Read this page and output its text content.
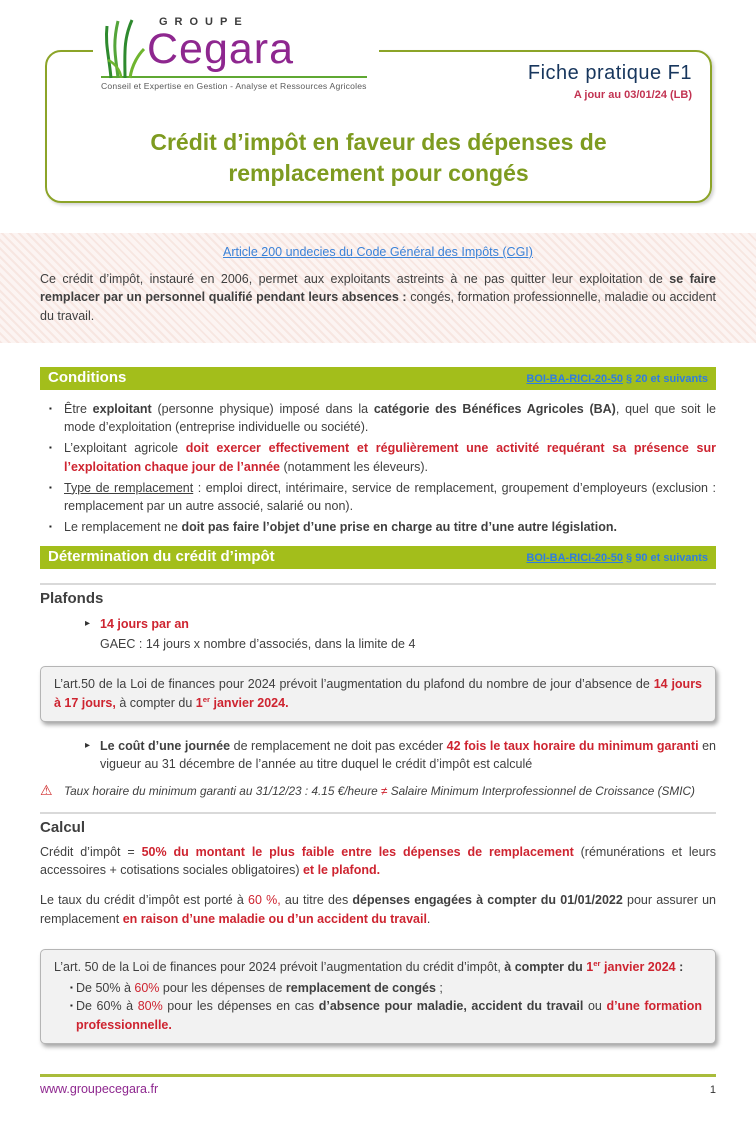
GROUPE
Cegara
Conseil et Expertise en Gestion - Analyse et Ressources Agricoles
Fiche pratique F1
A jour au 03/01/24 (LB)
Crédit d’impôt en faveur des dépenses de
remplacement pour congés
Article 200 undecies du Code Général des Impôts (CGI)

Ce crédit d’impôt, instauré en 2006, permet aux exploitants astreints à ne pas quitter leur exploitation de se faire remplacer par un personnel qualifié pendant leurs absences : congés, formation professionnelle, maladie ou accident du travail.

Conditions	BOI-BA-RICI-20-50 § 20 et suivants
▪ Être exploitant (personne physique) imposé dans la catégorie des Bénéfices Agricoles (BA), quel que soit le mode d’exploitation (entreprise individuelle ou société).

▪ L’exploitant agricole doit exercer effectivement et régulièrement une activité requérant sa présence sur l’exploitation chaque jour de l’année (notamment les éleveurs).

▪ Type de remplacement : emploi direct, intérimaire, service de remplacement, groupement d’employeurs (exclusion : remplacement par un autre associé, salarié ou non).

▪ Le remplacement ne doit pas faire l’objet d’une prise en charge au titre d’une autre législation.

Détermination du crédit d’impôt	BOI-BA-RICI-20-50 § 90 et suivants
Plafonds
▸ 14 jours par an

GAEC : 14 jours x nombre d’associés, dans la limite de 4

L’art.50 de la Loi de finances pour 2024 prévoit l’augmentation du plafond du nombre de jour d’absence de 14 jours à 17 jours, à compter du 1er janvier 2024.

▸ Le coût d’une journée de remplacement ne doit pas excéder 42 fois le taux horaire du minimum garanti en vigueur au 31 décembre de l’année au titre duquel le crédit d’impôt est calculé

⚠ Taux horaire du minimum garanti au 31/12/23 : 4.15 €/heure ≠ Salaire Minimum Interprofessionnel de Croissance (SMIC)

Calcul

Crédit d’impôt = 50% du montant le plus faible entre les dépenses de remplacement (rémunérations et leurs accessoires + cotisations sociales obligatoires) et le plafond.

Le taux du crédit d’impôt est porté à 60 %, au titre des dépenses engagées à compter du 01/01/2022 pour assurer un remplacement en raison d’une maladie ou d’un accident du travail.

L’art. 50 de la Loi de finances pour 2024 prévoit l’augmentation du crédit d’impôt, à compter du 1er janvier 2024 :

▪ De 50% à 60% pour les dépenses de remplacement de congés ;

▪ De 60% à 80% pour les dépenses en cas d’absence pour maladie, accident du travail ou d’une formation professionnelle.

www.groupecegara.fr	1
